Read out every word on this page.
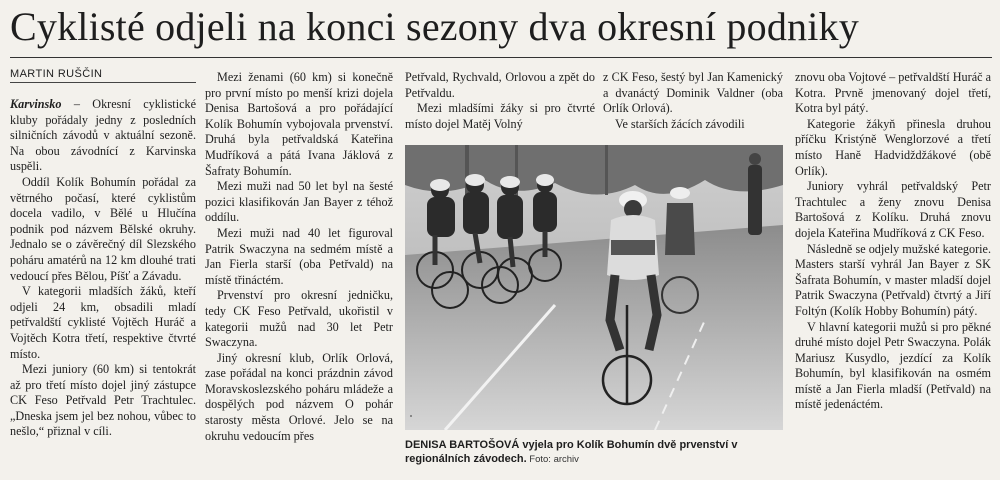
Cyklisté odjeli na konci sezony dva okresní podniky
MARTIN RUŠČIN

Karvinsko – Okresní cyklistické kluby pořádaly jedny z posledních silničních závodů v aktuální sezoně. Na obou závodnící z Karvinska uspěli.

Oddíl Kolík Bohumín pořádal za větrného počasí, které cyklistům docela vadilo, v Bělé u Hlučína podnik pod názvem Bělské okruhy. Jednalo se o závěrečný díl Slezského poháru amatérů na 12 km dlouhé trati vedoucí přes Bělou, Píšť a Závadu.

V kategorii mladších žáků, kteří odjeli 24 km, obsadili mladí petřvaldští cyklisté Vojtěch Huráč a Vojtěch Kotra třetí, respektive čtvrté místo.

Mezi juniory (60 km) si tentokrát až pro třetí místo dojel jiný zástupce CK Feso Petřvald Petr Trachtulec. „Dneska jsem jel bez nohou, vůbec to nešlo,“ přiznal v cíli.

Mezi ženami (60 km) si konečně pro první místo po menší krizi dojela Denisa Bartošová a pro pořádající Kolík Bohumín vybojovala prvenství. Druhá byla petřvaldská Kateřina Mudříková a pátá Ivana Jáklová z Šafraty Bohumín.

Mezi muži nad 50 let byl na šesté pozici klasifikován Jan Bayer z téhož oddílu.

Mezi muži nad 40 let figuroval Patrik Swaczyna na sedmém místě a Jan Fierla starší (oba Petřvald) na místě třináctém.

Prvenství pro okresní jedničku, tedy CK Feso Petřvald, ukořistil v kategorii mužů nad 30 let Petr Swaczyna.

Jiný okresní klub, Orlík Orlová, zase pořádal na konci prázdnin závod Moravskoslezského poháru mládeže a dospělých pod názvem O pohár starosty města Orlové. Jelo se na okruhu vedoucím přes

Petřvald, Rychvald, Orlovou a zpět do Petřvaldu.

Mezi mladšími žáky si pro čtvrté místo dojel Matěj Volný

z CK Feso, šestý byl Jan Kamenický a dvanáctý Dominik Valdner (oba Orlík Orlová).

Ve starších žácích závodili

znovu oba Vojtové – petřvaldští Huráč a Kotra. Prvně jmenovaný dojel třetí, Kotra byl pátý.

Kategorie žákyň přinesla druhou příčku Kristýně Wenglorzové a třetí místo Haně Hadvidždžákové (obě Orlík).

Juniory vyhrál petřvaldský Petr Trachtulec a ženy znovu Denisa Bartošová z Kolíku. Druhá znovu dojela Kateřina Mudříková z CK Feso.

Následně se odjely mužské kategorie. Masters starší vyhrál Jan Bayer z SK Šafrata Bohumín, v master mladší dojel Patrik Swaczyna (Petřvald) čtvrtý a Jiří Foltýn (Kolík Hobby Bohumín) pátý.

V hlavní kategorii mužů si pro pěkné druhé místo dojel Petr Swaczyna. Polák Mariusz Kusydlo, jezdící za Kolík Bohumín, byl klasifikován na osmém místě a Jan Fierla mladší (Petřvald) na místě jedenáctém.

DENISA BARTOŠOVÁ vyjela pro Kolík Bohumín dvě prvenství v regionálních závodech. Foto: archiv
